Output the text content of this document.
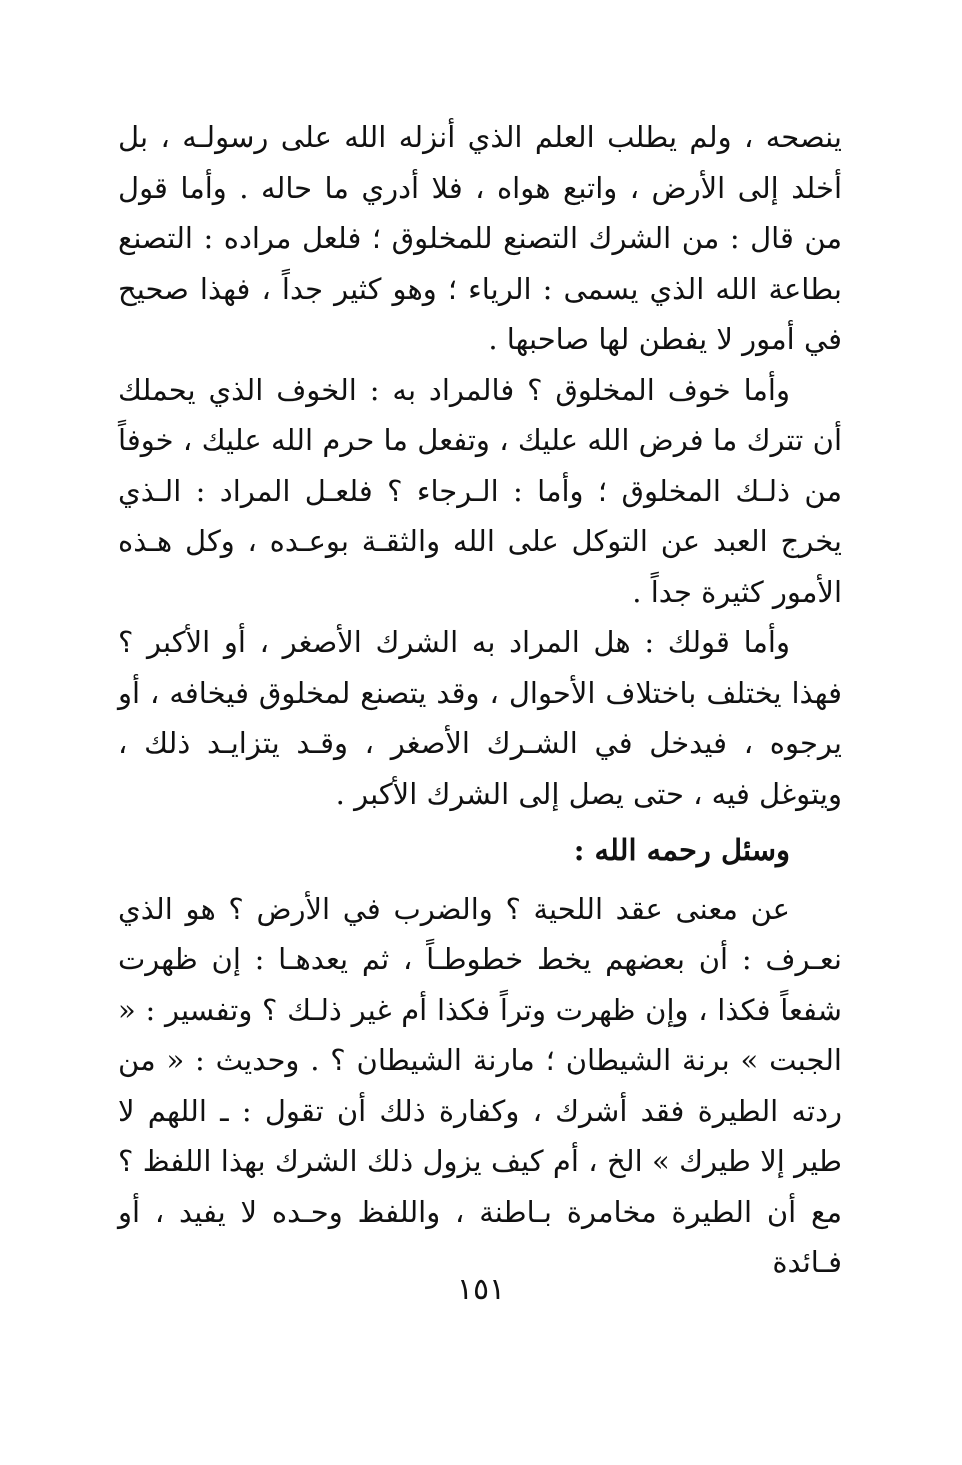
ينصحه ، ولم يطلب العلم الذي أنزله الله على رسولـه ، بل أخلد إلى الأرض ، واتبع هواه ، فلا أدري ما حاله . وأما قول من قال : من الشرك التصنع للمخلوق ؛ فلعل مراده : التصنع بطاعة الله الذي يسمى : الرياء ؛ وهو كثير جداً ، فهذا صحيح في أمور لا يفطن لها صاحبها .

وأما خوف المخلوق ؟ فالمراد به : الخوف الذي يحملك أن تترك ما فرض الله عليك ، وتفعل ما حرم الله عليك ، خوفاً من ذلـك المخلوق ؛ وأما : الـرجاء ؟ فلعـل المراد : الـذي يخرج العبد عن التوكل على الله والثقـة بوعـده ، وكل هـذه الأمور كثيرة جداً .

وأما قولك : هل المراد به الشرك الأصغر ، أو الأكبر ؟ فهذا يختلف باختلاف الأحوال ، وقد يتصنع لمخلوق فيخافه ، أو يرجوه ، فيدخل في الشـرك الأصغر ، وقـد يتزايـد ذلك ، ويتوغل فيه ، حتى يصل إلى الشرك الأكبر .

وسئل رحمه الله :

عن معنى عقد اللحية ؟ والضرب في الأرض ؟ هو الذي نعـرف : أن بعضهم يخط خطوطـاً ، ثم يعدهـا : إن ظهرت شفعاً فكذا ، وإن ظهرت وتراً فكذا أم غير ذلـك ؟ وتفسير : « الجبت » برنة الشيطان ؛ مارنة الشيطان ؟ . وحديث : « من ردته الطيرة فقد أشرك ، وكفارة ذلك أن تقول : ـ اللهم لا طير إلا طيرك » الخ ، أم كيف يزول ذلك الشرك بهذا اللفظ ؟ مع أن الطيرة مخامرة بـاطنة ، واللفظ وحـده لا يفيد ، أو فـائدة

١٥١
